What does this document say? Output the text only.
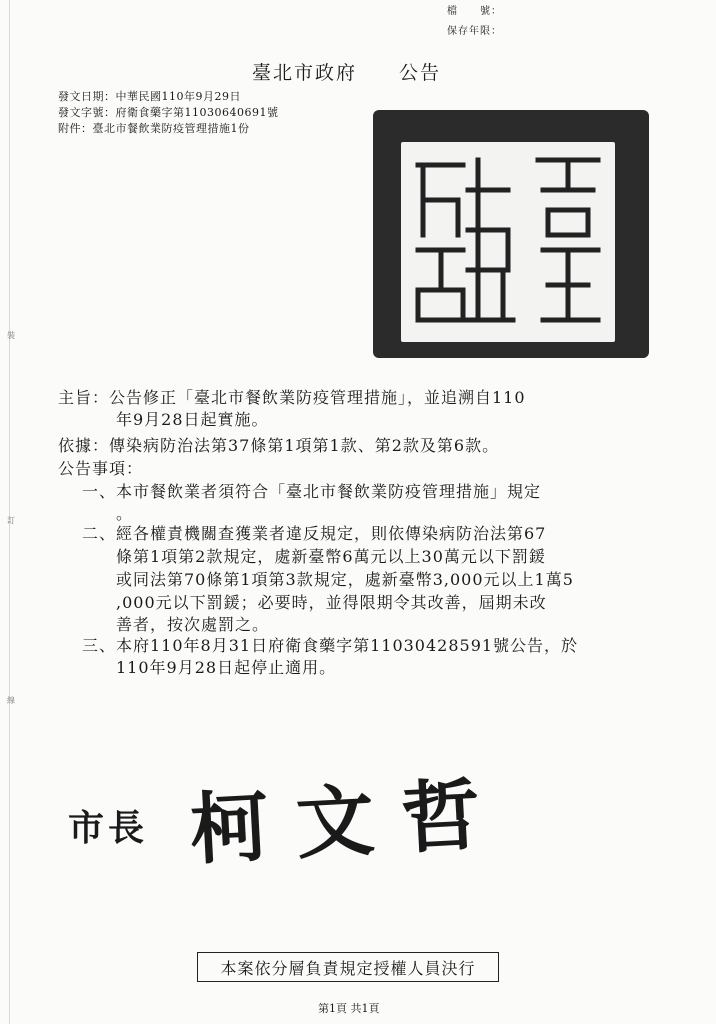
裝
訂
線
檔　　號：
保存年限：
臺北市政府　　公告
發文日期：中華民國110年9月29日
發文字號：府衛食藥字第11030640691號
附件：臺北市餐飲業防疫管理措施1份
主旨：公告修正「臺北市餐飲業防疫管理措施」，並追溯自110
年9月28日起實施。
依據：傳染病防治法第37條第1項第1款、第2款及第6款。
公告事項：
一、本市餐飲業者須符合「臺北市餐飲業防疫管理措施」規定
。
二、經各權責機關查獲業者違反規定，則依傳染病防治法第67
條第1項第2款規定，處新臺幣6萬元以上30萬元以下罰鍰
或同法第70條第1項第3款規定，處新臺幣3,000元以上1萬5
,000元以下罰鍰；必要時，並得限期令其改善，屆期未改
善者，按次處罰之。
三、本府110年8月31日府衛食藥字第11030428591號公告，於
110年9月28日起停止適用。
市長 柯文哲
本案依分層負責規定授權人員決行
第1頁 共1頁
